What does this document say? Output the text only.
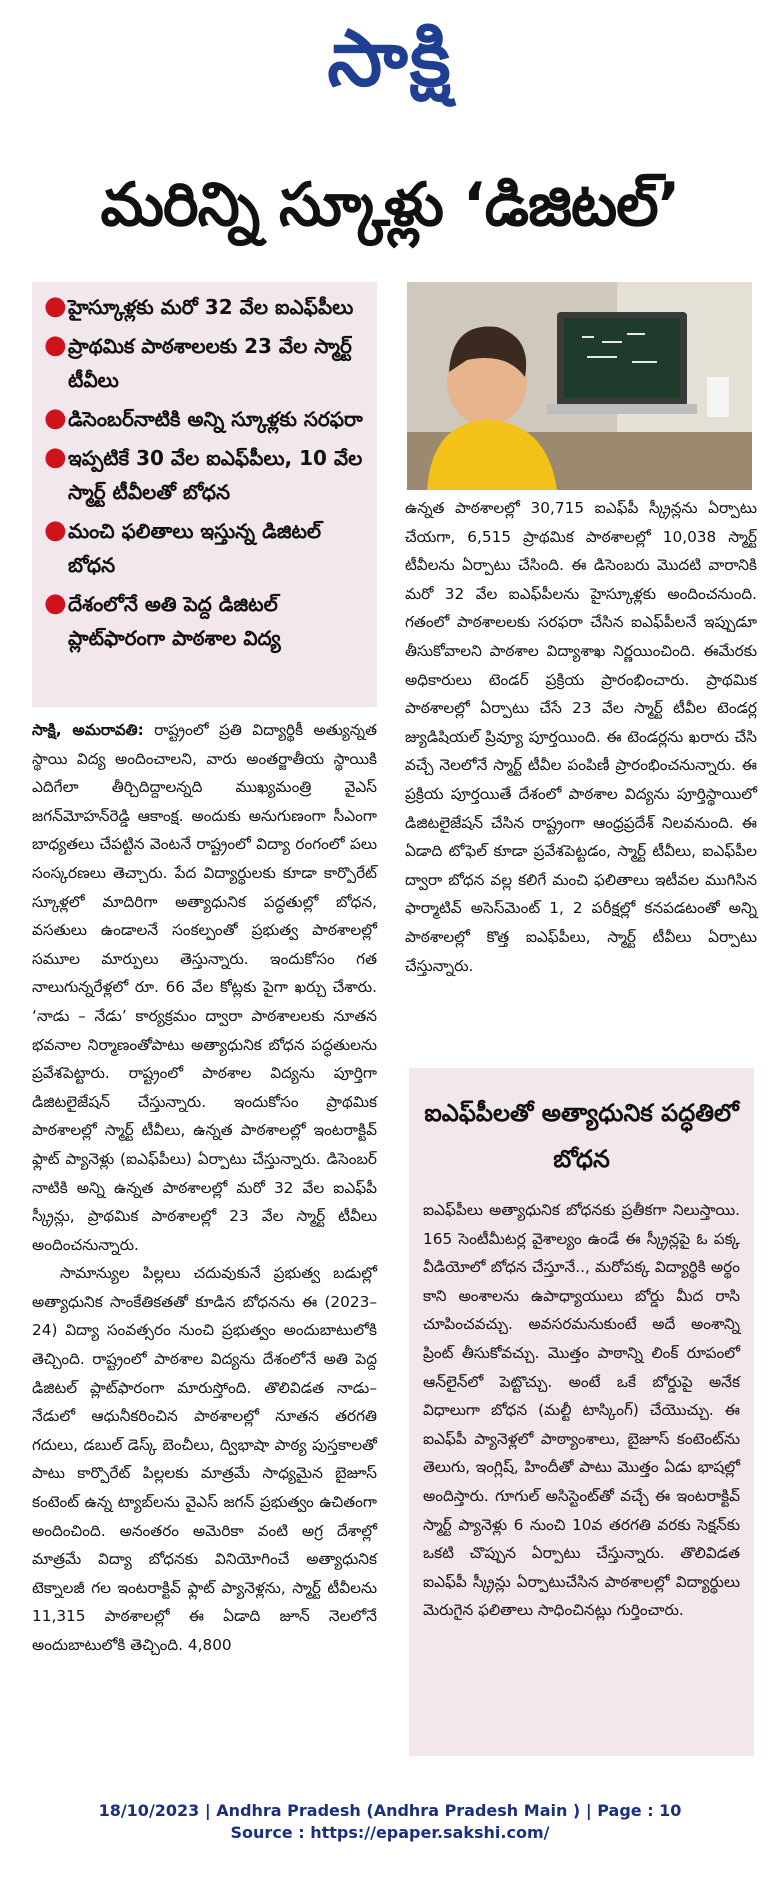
సాక్షి
మరిన్ని స్కూళ్లు ‘డిజిటల్’
● హైస్కూళ్లకు మరో 32 వేల ఐఎఫ్‌పీలు
● ప్రాథమిక పాఠశాలలకు 23 వేల స్మార్ట్‌ టీవీలు
● డిసెంబర్‌నాటికి అన్ని స్కూళ్లకు సరఫరా
● ఇప్పటికే 30 వేల ఐఎఫ్‌పీలు, 10 వేల స్మార్ట్‌ టీవీలతో బోధన
● మంచి ఫలితాలు ఇస్తున్న డిజిటల్‌ బోధన
● దేశంలోనే అతి పెద్ద డిజిటల్‌ ప్లాట్‌ఫారంగా పాఠశాల విద్య

సాక్షి, అమరావతి: రాష్ట్రంలో ప్రతి విద్యార్థికీ అత్యున్నత స్థాయి విద్య అందించాలని, వారు అంతర్జాతీయ స్థాయికి ఎదిగేలా తీర్చిదిద్దాలన్నది ముఖ్యమంత్రి వైఎస్‌ జగన్‌మోహన్‌రెడ్డి ఆకాంక్ష. అందుకు అనుగుణంగా సీఎంగా బాధ్యతలు చేపట్టిన వెంటనే రాష్ట్రంలో విద్యా రంగంలో పలు సంస్కరణలు తెచ్చారు. పేద విద్యార్థులకు కూడా కార్పొరేట్‌ స్కూళ్లలో మాదిరిగా అత్యాధునిక పద్ధతుల్లో బోధన, వసతులు ఉండాలనే సంకల్పంతో ప్రభుత్వ పాఠశాలల్లో సమూల మార్పులు తెస్తున్నారు. ఇందుకోసం గత నాలుగున్నరేళ్లలో రూ. 66 వేల కోట్లకు పైగా ఖర్చు చేశారు. ‘నాడు – నేడు’ కార్యక్రమం ద్వారా పాఠశాలలకు నూతన భవనాల నిర్మాణంతోపాటు అత్యాధునిక బోధన పద్ధతులను ప్రవేశపెట్టారు. రాష్ట్రంలో పాఠశాల విద్యను పూర్తిగా డిజిటలైజేషన్‌ చేస్తున్నారు. ఇందుకోసం ప్రాథమిక పాఠశాలల్లో స్మార్ట్‌ టీవీలు, ఉన్నత పాఠశాలల్లో ఇంటరాక్టివ్‌ ఫ్లాట్‌ ప్యానెళ్లు (ఐఎఫ్‌పీలు) ఏర్పాటు చేస్తున్నారు. డిసెంబర్‌ నాటికి అన్ని ఉన్నత పాఠశాలల్లో మరో 32 వేల ఐఎఫ్‌పీ స్క్రీన్లు, ప్రాథమిక పాఠశాలల్లో 23 వేల స్మార్ట్‌ టీవీలు అందించనున్నారు.

సామాన్యుల పిల్లలు చదువుకునే ప్రభుత్వ బడుల్లో అత్యాధునిక సాంకేతికతతో కూడిన బోధనను ఈ (2023–24) విద్యా సంవత్సరం నుంచి ప్రభుత్వం అందుబాటులోకి తెచ్చింది. రాష్ట్రంలో పాఠశాల విద్యను దేశంలోనే అతి పెద్ద డిజిటల్‌ ప్లాట్‌ఫారంగా మారుస్తోంది. తొలివిడత నాడు–నేడులో ఆధునీకరించిన పాఠశాలల్లో నూతన తరగతి గదులు, డబుల్‌ డెస్క్‌ బెంచీలు, ద్విభాషా పాఠ్య పుస్తకాలతో పాటు కార్పొరేట్‌ పిల్లలకు మాత్రమే సాధ్యమైన బైజూస్‌ కంటెంట్‌ ఉన్న ట్యాబ్‌లను వైఎస్‌ జగన్‌ ప్రభుత్వం ఉచితంగా అందించింది. అనంతరం అమెరికా వంటి అగ్ర దేశాల్లో మాత్రమే విద్యా బోధనకు వినియోగించే అత్యాధునిక టెక్నాలజీ గల ఇంటరాక్టివ్‌ ఫ్లాట్‌ ప్యానెళ్లను, స్మార్ట్‌ టీవీలను 11,315 పాఠశాలల్లో ఈ ఏడాది జూన్‌ నెలలోనే అందుబాటులోకి తెచ్చింది. 4,800

ఉన్నత పాఠశాలల్లో 30,715 ఐఎఫ్‌పీ స్క్రీన్లను ఏర్పాటు చేయగా, 6,515 ప్రాథమిక పాఠశాలల్లో 10,038 స్మార్ట్‌ టీవీలను ఏర్పాటు చేసింది. ఈ డిసెంబరు మొదటి వారానికి మరో 32 వేల ఐఎఫ్‌పీలను హైస్కూళ్లకు అందించనుంది. గతంలో పాఠశాలలకు సరఫరా చేసిన ఐఎఫ్‌పీలనే ఇప్పుడూ తీసుకోవాలని పాఠశాల విద్యాశాఖ నిర్ణయించింది. ఈమేరకు అధికారులు టెండర్‌ ప్రక్రియ ప్రారంభించారు. ప్రాథమిక పాఠశాలల్లో ఏర్పాటు చేసే 23 వేల స్మార్ట్‌ టీవీల టెండర్ల జ్యుడిషియల్‌ ప్రివ్యూ పూర్తయింది. ఈ టెండర్లను ఖరారు చేసి వచ్చే నెలలోనే స్మార్ట్‌ టీవీల పంపిణీ ప్రారంభించనున్నారు. ఈ ప్రక్రియ పూర్తయితే దేశంలో పాఠశాల విద్యను పూర్తిస్థాయిలో డిజిటలైజేషన్‌ చేసిన రాష్ట్రంగా ఆంధ్రప్రదేశ్‌ నిలవనుంది. ఈ ఏడాది టోఫెల్‌ కూడా ప్రవేశపెట్టడం, స్మార్ట్‌ టీవీలు, ఐఎఫ్‌పీల ద్వారా బోధన వల్ల కలిగే మంచి ఫలితాలు ఇటీవల ముగిసిన ఫార్మాటివ్‌ అసెస్‌మెంట్‌ 1, 2 పరీక్షల్లో కనపడటంతో అన్ని పాఠశాలల్లో కొత్త ఐఎఫ్‌పీలు, స్మార్ట్‌ టీవీలు ఏర్పాటు చేస్తున్నారు.

ఐఎఫ్‌పీలతో అత్యాధునిక పద్ధతిలో బోధన
ఐఎఫ్‌పీలు అత్యాధునిక బోధనకు ప్రతీకగా నిలుస్తాయి. 165 సెంటీమీటర్ల వైశాల్యం ఉండే ఈ స్క్రీన్లపై ఓ పక్క వీడియోలో బోధన చేస్తూనే.., మరోపక్క విద్యార్థికి అర్థం కాని అంశాలను ఉపాధ్యాయులు బోర్డు మీద రాసి చూపించవచ్చు. అవసరమనుకుంటే అదే అంశాన్ని ప్రింట్‌ తీసుకోవచ్చు. మొత్తం పాఠాన్ని లింక్‌ రూపంలో ఆన్‌లైన్‌లో పెట్టొచ్చు. అంటే ఒకే బోర్డుపై అనేక విధాలుగా బోధన (మల్టీ టాస్కింగ్‌) చేయొచ్చు. ఈ ఐఎఫ్‌పీ ప్యానెళ్లలో పాఠ్యాంశాలు, బైజూస్‌ కంటెంట్‌ను తెలుగు, ఇంగ్లిష్, హిందీతో పాటు మొత్తం ఏడు భాషల్లో అందిస్తారు. గూగుల్‌ అసిస్టెంట్‌తో వచ్చే ఈ ఇంటరాక్టివ్‌ స్మార్ట్‌ ప్యానెళ్లు 6 నుంచి 10వ తరగతి వరకు సెక్షన్‌కు ఒకటి చొప్పున ఏర్పాటు చేస్తున్నారు. తొలివిడత ఐఎఫ్‌పీ స్క్రీన్లు ఏర్పాటుచేసిన పాఠశాలల్లో విద్యార్థులు మెరుగైన ఫలితాలు సాధించినట్లు గుర్తించారు.
18/10/2023 | Andhra Pradesh (Andhra Pradesh Main ) | Page : 10
Source : https://epaper.sakshi.com/
